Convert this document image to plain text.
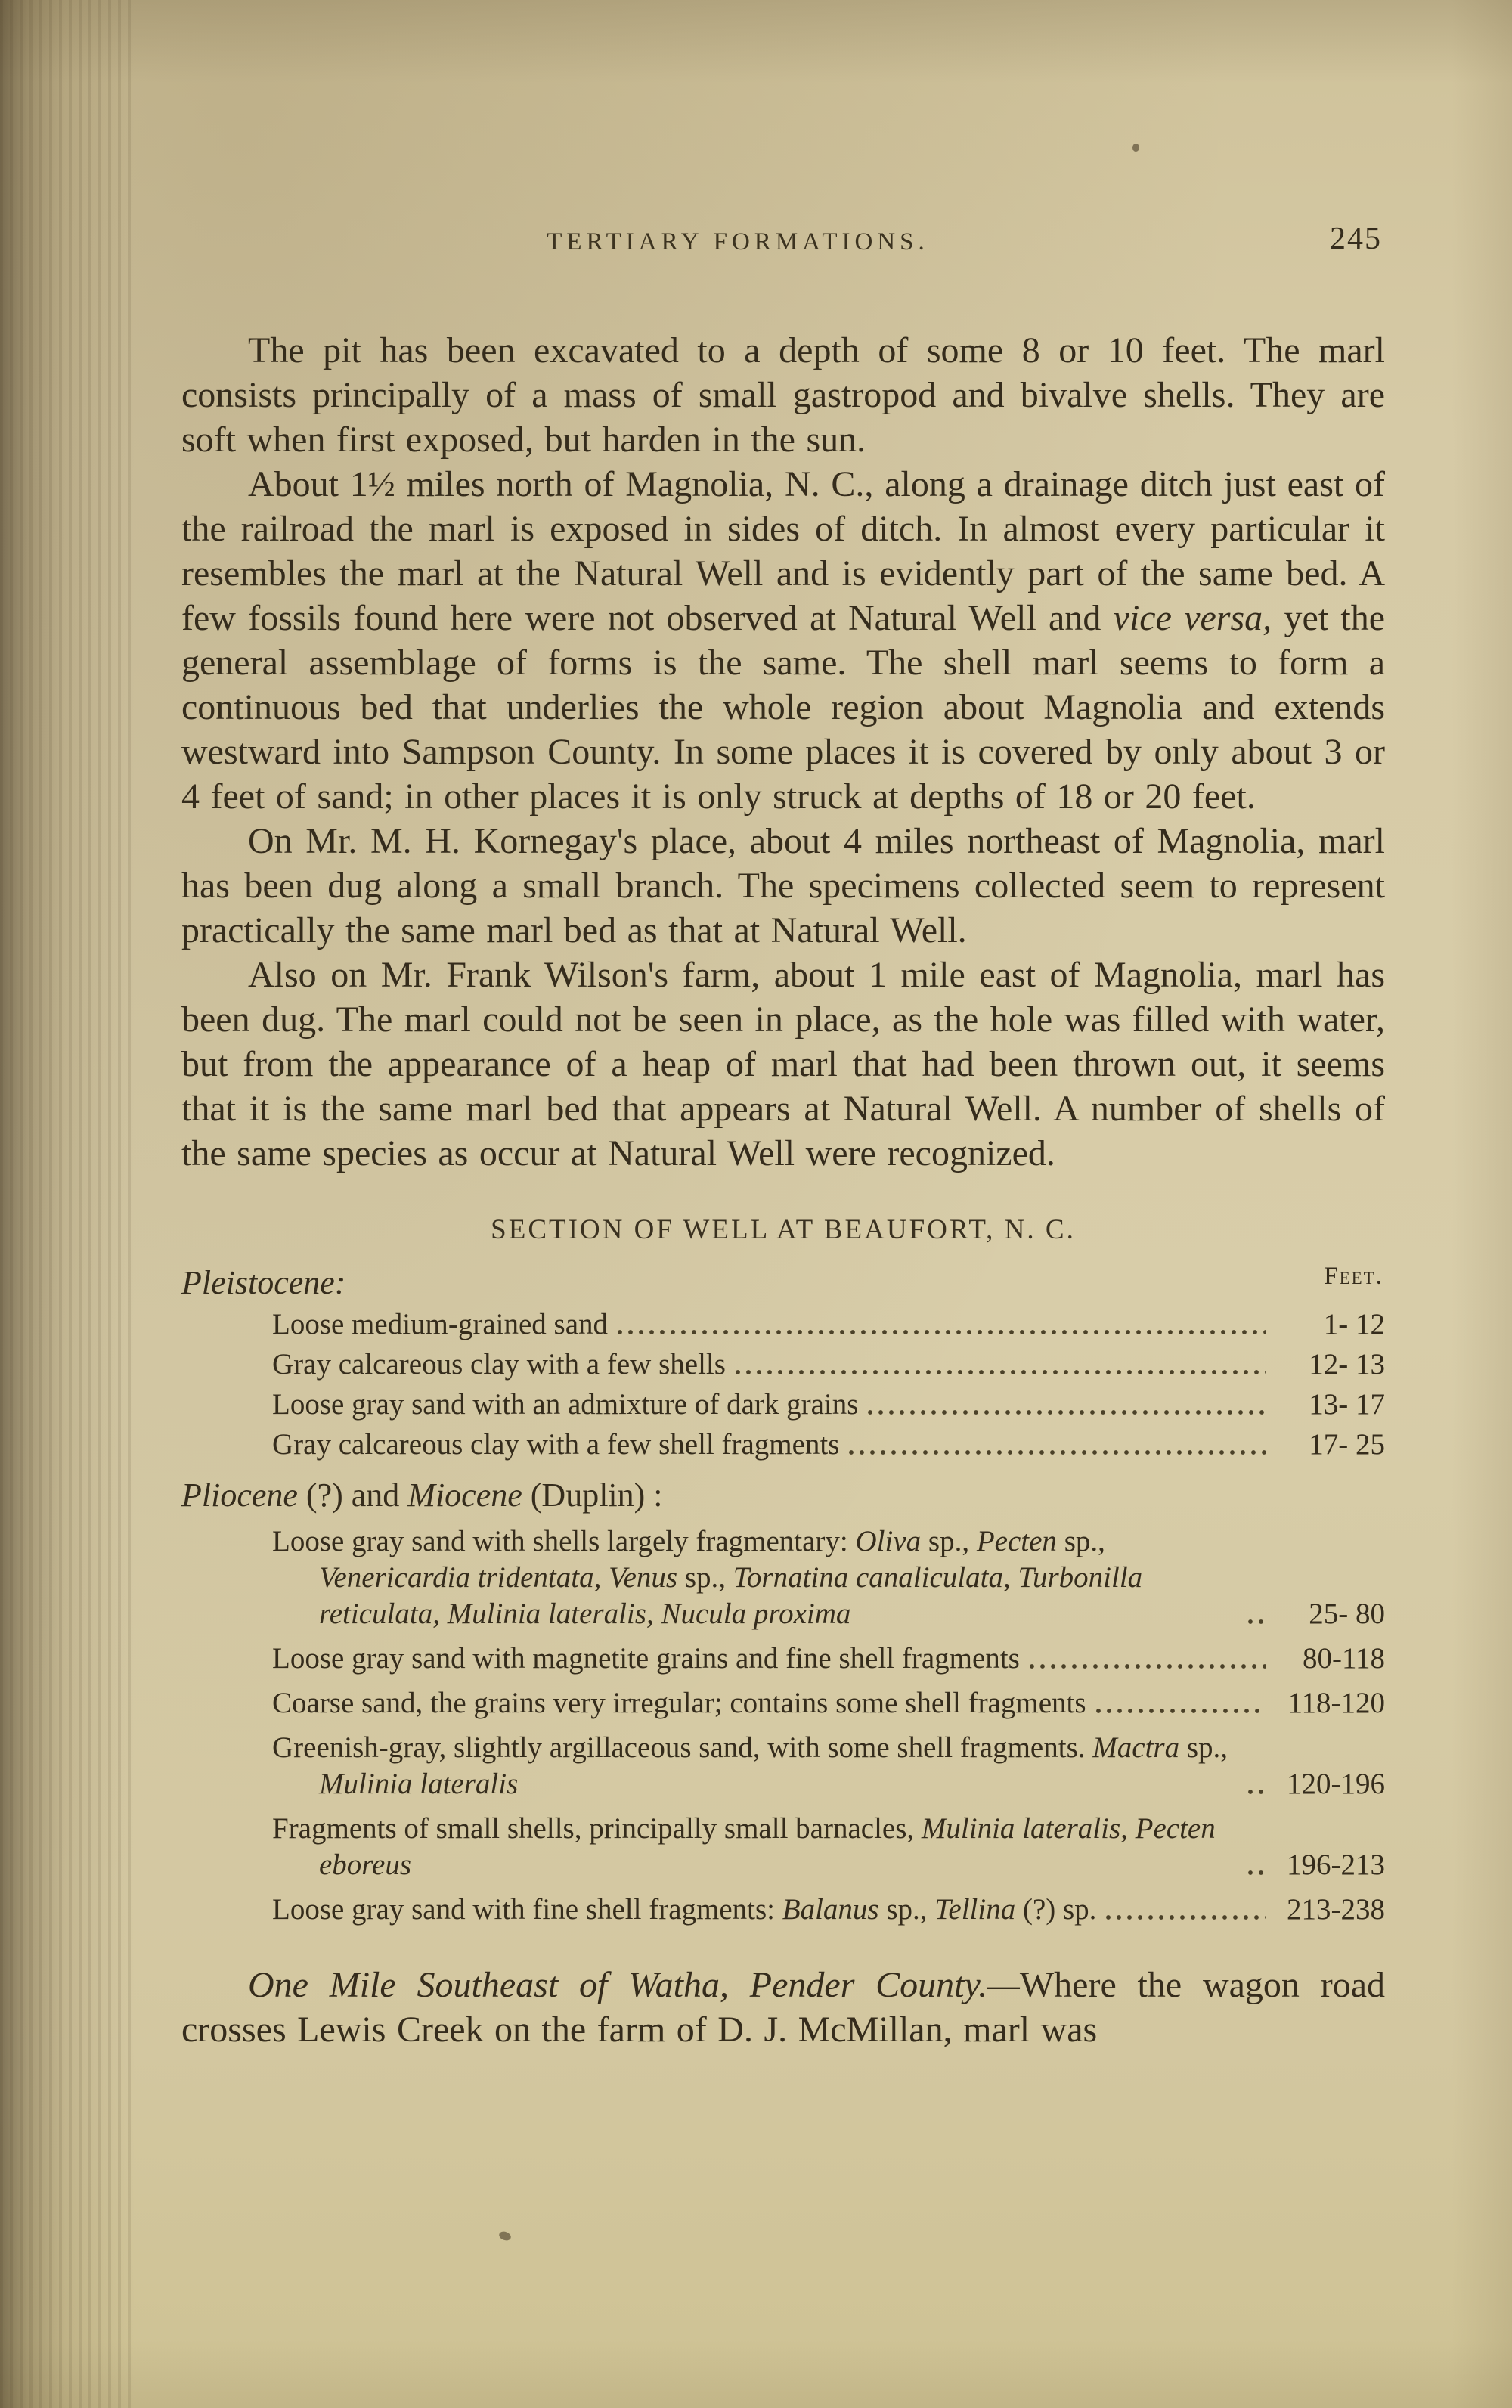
TERTIARY FORMATIONS.	245

The pit has been excavated to a depth of some 8 or 10 feet. The marl consists principally of a mass of small gastropod and bivalve shells. They are soft when first exposed, but harden in the sun.

About 1½ miles north of Magnolia, N. C., along a drainage ditch just east of the railroad the marl is exposed in sides of ditch. In almost every particular it resembles the marl at the Natural Well and is evidently part of the same bed. A few fossils found here were not observed at Natural Well and vice versa, yet the general assemblage of forms is the same. The shell marl seems to form a continuous bed that underlies the whole region about Magnolia and extends westward into Sampson County. In some places it is covered by only about 3 or 4 feet of sand; in other places it is only struck at depths of 18 or 20 feet.

On Mr. M. H. Kornegay's place, about 4 miles northeast of Magnolia, marl has been dug along a small branch. The specimens collected seem to represent practically the same marl bed as that at Natural Well.

Also on Mr. Frank Wilson's farm, about 1 mile east of Magnolia, marl has been dug. The marl could not be seen in place, as the hole was filled with water, but from the appearance of a heap of marl that had been thrown out, it seems that it is the same marl bed that appears at Natural Well. A number of shells of the same species as occur at Natural Well were recognized.

SECTION OF WELL AT BEAUFORT, N. C.
Feet.
Pleistocene:
Loose medium-grained sand	1- 12
Gray calcareous clay with a few shells	12- 13
Loose gray sand with an admixture of dark grains	13- 17
Gray calcareous clay with a few shell fragments	17- 25
Pliocene (?) and Miocene (Duplin) :
Loose gray sand with shells largely fragmentary: Oliva sp., Pecten sp., Venericardia tridentata, Venus sp., Tornatina canaliculata, Turbonilla reticulata, Mulinia lateralis, Nucula proxima	25- 80
Loose gray sand with magnetite grains and fine shell fragments	80-118
Coarse sand, the grains very irregular; contains some shell fragments	118-120
Greenish-gray, slightly argillaceous sand, with some shell fragments. Mactra sp., Mulinia lateralis	120-196
Fragments of small shells, principally small barnacles, Mulinia lateralis, Pecten eboreus	196-213
Loose gray sand with fine shell fragments: Balanus sp., Tellina (?) sp.	213-238

One Mile Southeast of Watha, Pender County.—Where the wagon road crosses Lewis Creek on the farm of D. J. McMillan, marl was
